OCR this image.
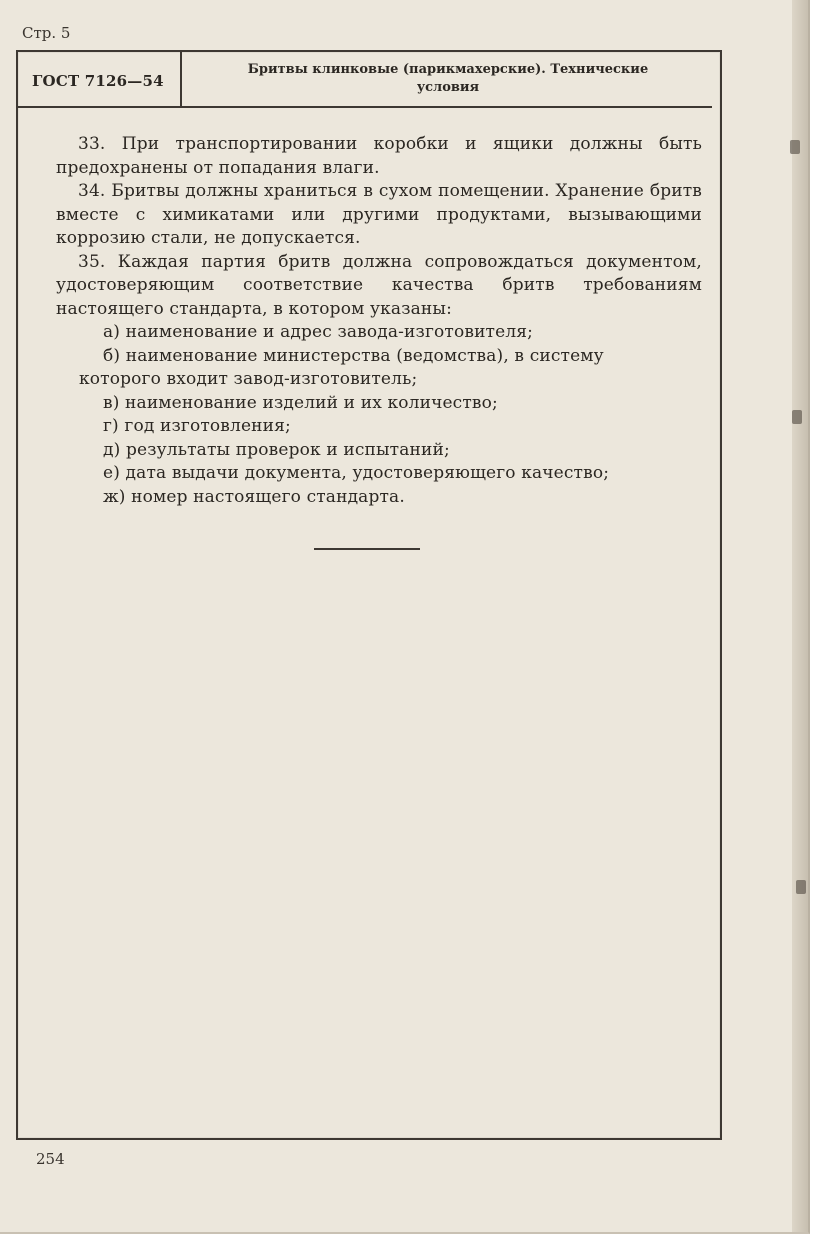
Стр. 5
ГОСТ 7126—54
Бритвы клинковые (парикмахерские). Технические
условия

33. При транспортировании коробки и ящики должны быть предохранены от попадания влаги.

34. Бритвы должны храниться в сухом помещении. Хранение бритв вместе с химикатами или другими продуктами, вызывающими коррозию стали, не допускается.

35. Каждая партия бритв должна сопровождаться документом, удостоверяющим соответствие качества бритв требованиям настоящего стандарта, в котором указаны:

а) наименование и адрес завода-изготовителя;
б) наименование министерства (ведомства), в систему
которого входит завод-изготовитель;
в) наименование изделий и их количество;
г) год изготовления;
д) результаты проверок и испытаний;
е) дата выдачи документа, удостоверяющего качество;
ж) номер настоящего стандарта.
254
